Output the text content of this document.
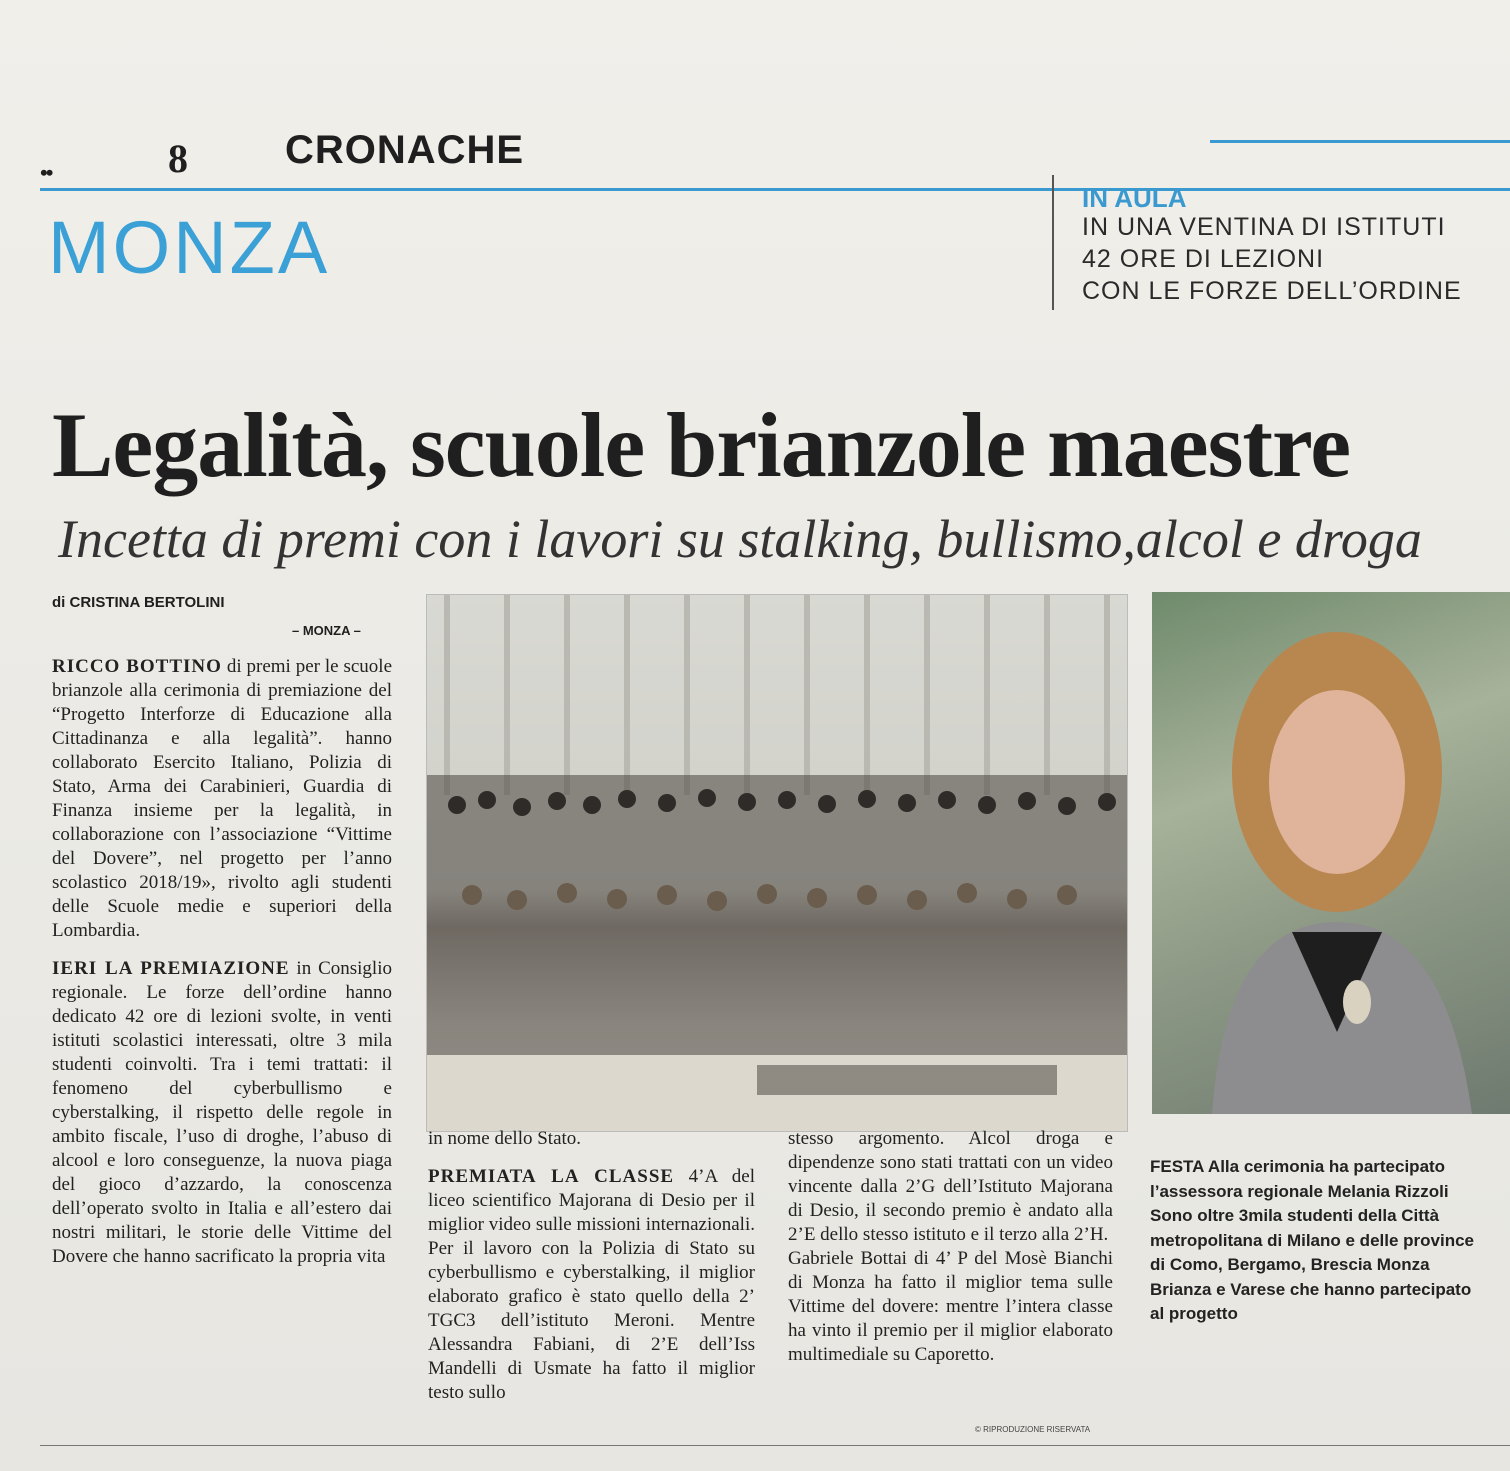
••	8 CRONACHE
MONZA
IN AULA
IN UNA VENTINA DI ISTITUTI
42 ORE DI LEZIONI
CON LE FORZE DELL’ORDINE
Legalità, scuole brianzole maestre
Incetta di premi con i lavori su stalking, bullismo,alcol e droga
di CRISTINA BERTOLINI
– MONZA –

RICCO BOTTINO di premi per le scuole brianzole alla cerimonia di premiazione del “Progetto Interforze di Educazione alla Cittadinanza e alla legalità”. hanno collaborato Esercito Italiano, Polizia di Stato, Arma dei Carabinieri, Guardia di Finanza insieme per la legalità, in collaborazione con l’associazione “Vittime del Dovere”, nel progetto per l’anno scolastico 2018/19», rivolto agli studenti delle Scuole medie e superiori della Lombardia.

IERI LA PREMIAZIONE in Consiglio regionale. Le forze dell’ordine hanno dedicato 42 ore di lezioni svolte, in venti istituti scolastici interessati, oltre 3 mila studenti coinvolti. Tra i temi trattati: il fenomeno del cyberbullismo e cyberstalking, il rispetto delle regole in ambito fiscale, l’uso di droghe, l’abuso di alcool e loro conseguenze, la nuova piaga del gioco d’azzardo, la conoscenza dell’operato svolto in Italia e all’estero dai nostri militari, le storie delle Vittime del Dovere che hanno sacrificato la propria vita

in nome dello Stato.

PREMIATA LA CLASSE 4’A del liceo scientifico Majorana di Desio per il miglior video sulle missioni internazionali. Per il lavoro con la Polizia di Stato su cyberbullismo e cyberstalking, il miglior elaborato grafico è stato quello della 2’ TGC3 dell’istituto Meroni. Mentre Alessandra Fabiani, di 2’E dell’Iss Mandelli di Usmate ha fatto il miglior testo sullo

stesso argomento. Alcol droga e dipendenze sono stati trattati con un video vincente dalla 2’G dell’Istituto Majorana di Desio, il secondo premio è andato alla 2’E dello stesso istituto e il terzo alla 2’H.

Gabriele Bottai di 4’ P del Mosè Bianchi di Monza ha fatto il miglior tema sulle Vittime del dovere: mentre l’intera classe ha vinto il premio per il miglior elaborato multimediale su Caporetto.

FESTA Alla cerimonia ha partecipato l’assessora regionale Melania Rizzoli Sono oltre 3mila studenti della Città metropolitana di Milano e delle province di Como, Bergamo, Brescia Monza Brianza e Varese che hanno partecipato al progetto
© RIPRODUZIONE RISERVATA
